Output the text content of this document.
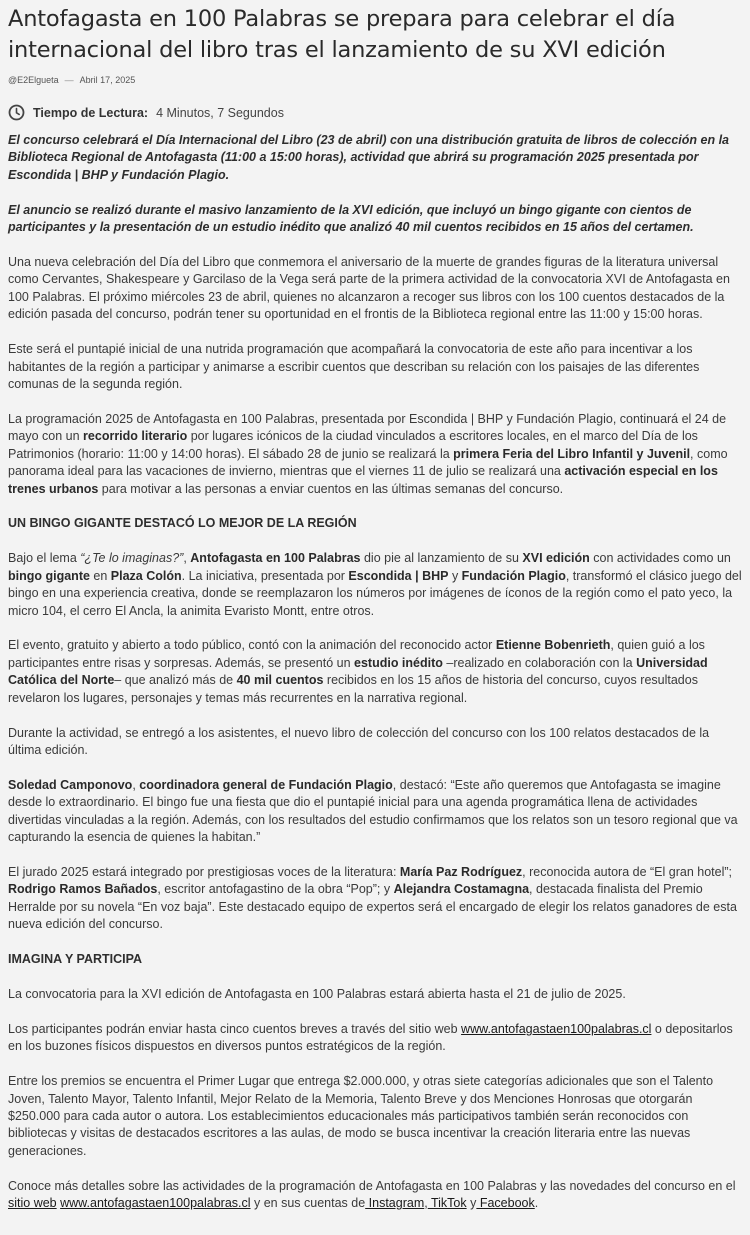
Antofagasta en 100 Palabras se prepara para celebrar el día internacional del libro tras el lanzamiento de su XVI edición
@E2Elgueta — Abril 17, 2025
Tiempo de Lectura: 4 Minutos, 7 Segundos

El concurso celebrará el Día Internacional del Libro (23 de abril) con una distribución gratuita de libros de colección en la Biblioteca Regional de Antofagasta (11:00 a 15:00 horas), actividad que abrirá su programación 2025 presentada por Escondida | BHP y Fundación Plagio.

El anuncio se realizó durante el masivo lanzamiento de la XVI edición, que incluyó un bingo gigante con cientos de participantes y la presentación de un estudio inédito que analizó 40 mil cuentos recibidos en 15 años del certamen.

Una nueva celebración del Día del Libro que conmemora el aniversario de la muerte de grandes figuras de la literatura universal como Cervantes, Shakespeare y Garcilaso de la Vega será parte de la primera actividad de la convocatoria XVI de Antofagasta en 100 Palabras. El próximo miércoles 23 de abril, quienes no alcanzaron a recoger sus libros con los 100 cuentos destacados de la edición pasada del concurso, podrán tener su oportunidad en el frontis de la Biblioteca regional entre las 11:00 y 15:00 horas.

Este será el puntapié inicial de una nutrida programación que acompañará la convocatoria de este año para incentivar a los habitantes de la región a participar y animarse a escribir cuentos que describan su relación con los paisajes de las diferentes comunas de la segunda región.

La programación 2025 de Antofagasta en 100 Palabras, presentada por Escondida | BHP y Fundación Plagio, continuará el 24 de mayo con un recorrido literario por lugares icónicos de la ciudad vinculados a escritores locales, en el marco del Día de los Patrimonios (horario: 11:00 y 14:00 horas). El sábado 28 de junio se realizará la primera Feria del Libro Infantil y Juvenil, como panorama ideal para las vacaciones de invierno, mientras que el viernes 11 de julio se realizará una activación especial en los trenes urbanos para motivar a las personas a enviar cuentos en las últimas semanas del concurso.

UN BINGO GIGANTE DESTACÓ LO MEJOR DE LA REGIÓN

Bajo el lema “¿Te lo imaginas?”, Antofagasta en 100 Palabras dio pie al lanzamiento de su XVI edición con actividades como un bingo gigante en Plaza Colón. La iniciativa, presentada por Escondida | BHP y Fundación Plagio, transformó el clásico juego del bingo en una experiencia creativa, donde se reemplazaron los números por imágenes de íconos de la región como el pato yeco, la micro 104, el cerro El Ancla, la animita Evaristo Montt, entre otros.

El evento, gratuito y abierto a todo público, contó con la animación del reconocido actor Etienne Bobenrieth, quien guió a los participantes entre risas y sorpresas. Además, se presentó un estudio inédito –realizado en colaboración con la Universidad Católica del Norte– que analizó más de 40 mil cuentos recibidos en los 15 años de historia del concurso, cuyos resultados revelaron los lugares, personajes y temas más recurrentes en la narrativa regional.

Durante la actividad, se entregó a los asistentes, el nuevo libro de colección del concurso con los 100 relatos destacados de la última edición.

Soledad Camponovo, coordinadora general de Fundación Plagio, destacó: “Este año queremos que Antofagasta se imagine desde lo extraordinario. El bingo fue una fiesta que dio el puntapié inicial para una agenda programática llena de actividades divertidas vinculadas a la región. Además, con los resultados del estudio confirmamos que los relatos son un tesoro regional que va capturando la esencia de quienes la habitan.”

El jurado 2025 estará integrado por prestigiosas voces de la literatura: María Paz Rodríguez, reconocida autora de “El gran hotel”; Rodrigo Ramos Bañados, escritor antofagastino de la obra “Pop”; y Alejandra Costamagna, destacada finalista del Premio Herralde por su novela “En voz baja”. Este destacado equipo de expertos será el encargado de elegir los relatos ganadores de esta nueva edición del concurso.

IMAGINA Y PARTICIPA

La convocatoria para la XVI edición de Antofagasta en 100 Palabras estará abierta hasta el 21 de julio de 2025.

Los participantes podrán enviar hasta cinco cuentos breves a través del sitio web www.antofagastaen100palabras.cl o depositarlos en los buzones físicos dispuestos en diversos puntos estratégicos de la región.

Entre los premios se encuentra el Primer Lugar que entrega $2.000.000, y otras siete categorías adicionales que son el Talento Joven, Talento Mayor, Talento Infantil, Mejor Relato de la Memoria, Talento Breve y dos Menciones Honrosas que otorgarán $250.000 para cada autor o autora. Los establecimientos educacionales más participativos también serán reconocidos con bibliotecas y visitas de destacados escritores a las aulas, de modo se busca incentivar la creación literaria entre las nuevas generaciones.

Conoce más detalles sobre las actividades de la programación de Antofagasta en 100 Palabras y las novedades del concurso en el sitio web www.antofagastaen100palabras.cl y en sus cuentas de Instagram, TikTok y Facebook.
